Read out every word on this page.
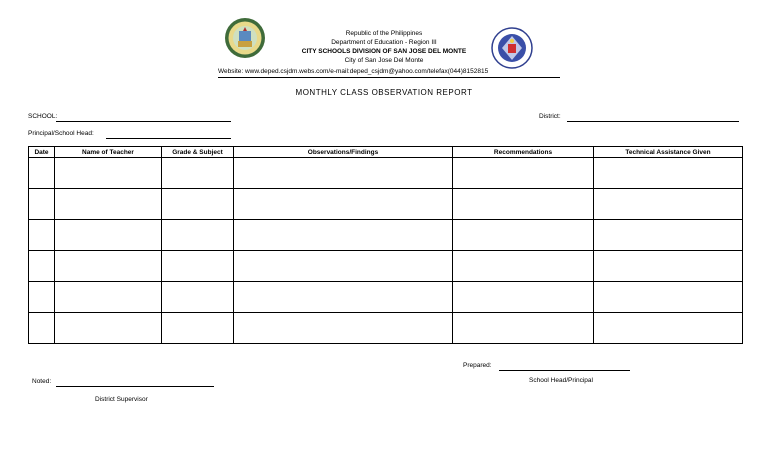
Republic of the Philippines
Department of Education - Region III
CITY SCHOOLS DIVISION OF SAN JOSE DEL MONTE
City of San Jose Del Monte
Website: www.deped.csjdm.webs.com/e-mail:deped_csjdm@yahoo.com/telefax(044)8152815
MONTHLY CLASS OBSERVATION REPORT
SCHOOL:	District:
Principal/School Head:
Date	Name of Teacher	Grade & Subject	Observations/Findings	Recommendations	Technical Assistance Given

Prepared:
School Head/Principal
Noted:
District Supervisor
